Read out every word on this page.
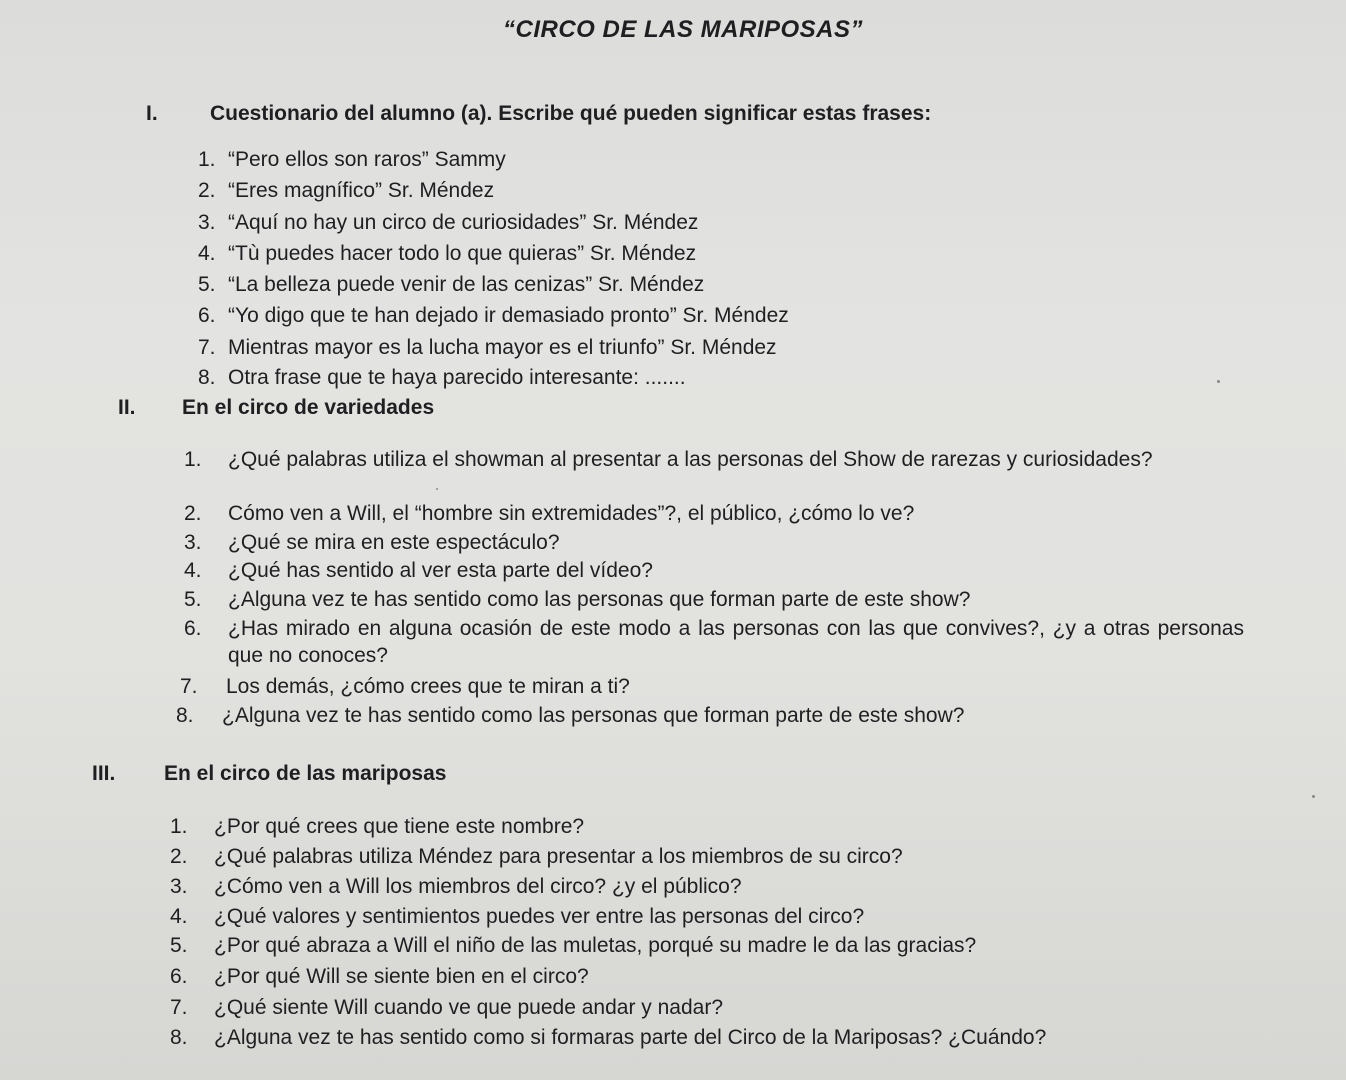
“CIRCO DE LAS MARIPOSAS”
I. Cuestionario del alumno (a). Escribe qué pueden significar estas frases:
1. “Pero ellos son raros” Sammy
2. “Eres magnífico” Sr. Méndez
3. “Aquí no hay un circo de curiosidades” Sr. Méndez
4. “Tù puedes hacer todo lo que quieras” Sr. Méndez
5. “La belleza puede venir de las cenizas” Sr. Méndez
6. “Yo digo que te han dejado ir demasiado pronto” Sr. Méndez
7. Mientras mayor es la lucha mayor es el triunfo” Sr. Méndez
8. Otra frase que te haya parecido interesante: .......
II. En el circo de variedades
1.	¿Qué palabras utiliza el showman al presentar a las personas del Show de rarezas y curiosidades?
2. Cómo ven a Will, el “hombre sin extremidades”?, el público, ¿cómo lo ve?
3. ¿Qué se mira en este espectáculo?
4. ¿Qué has sentido al ver esta parte del vídeo?
5. ¿Alguna vez te has sentido como las personas que forman parte de este show?
6.	¿Has mirado en alguna ocasión de este modo a las personas con las que convives?, ¿y a otras personas que no conoces?
7. Los demás, ¿cómo crees que te miran a ti?
8. ¿Alguna vez te has sentido como las personas que forman parte de este show?
III. En el circo de las mariposas
1. ¿Por qué crees que tiene este nombre?
2. ¿Qué palabras utiliza Méndez para presentar a los miembros de su circo?
3. ¿Cómo ven a Will los miembros del circo? ¿y el público?
4. ¿Qué valores y sentimientos puedes ver entre las personas del circo?
5. ¿Por qué abraza a Will el niño de las muletas, porqué su madre le da las gracias?
6. ¿Por qué Will se siente bien en el circo?
7. ¿Qué siente Will cuando ve que puede andar y nadar?
8. ¿Alguna vez te has sentido como si formaras parte del Circo de la Mariposas? ¿Cuándo?
